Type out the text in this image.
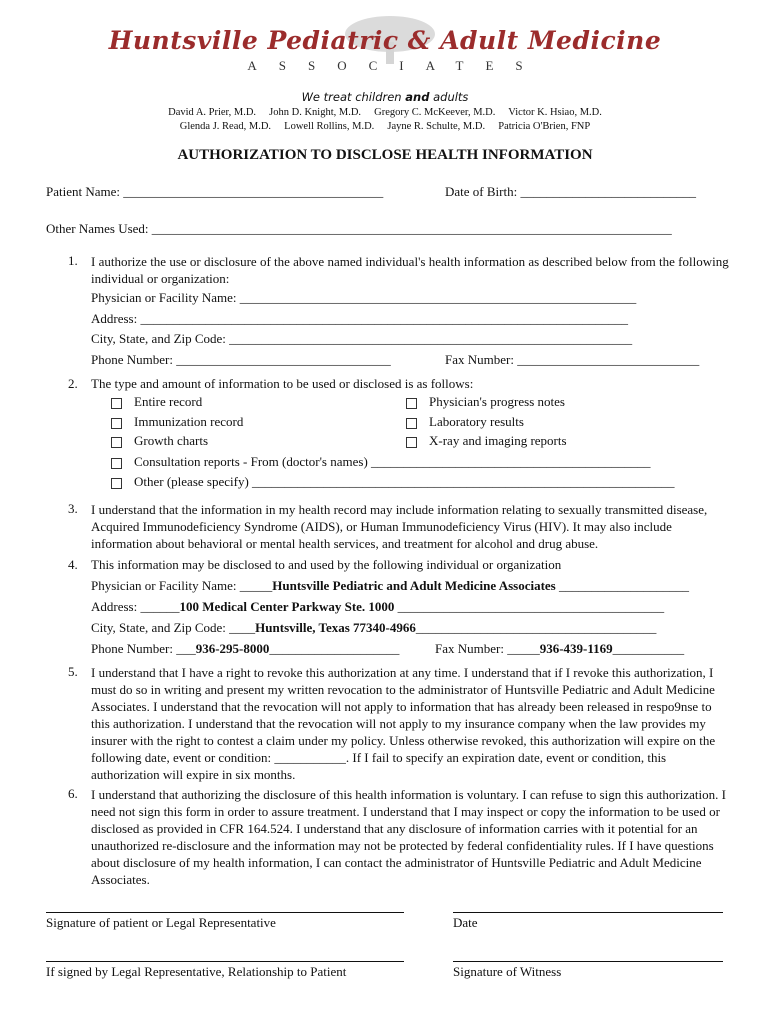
Huntsville Pediatric & Adult Medicine
ASSOCIATES
We treat children and adults
David A. Prier, M.D.     John D. Knight, M.D.     Gregory C. McKeever, M.D.     Victor K. Hsiao, M.D.
Glenda J. Read, M.D.     Lowell Rollins, M.D.     Jayne R. Schulte, M.D.     Patricia O'Brien, FNP
AUTHORIZATION TO DISCLOSE HEALTH INFORMATION
Patient Name: ________________________________________	Date of Birth: ___________________________
Other Names Used: ________________________________________________________________________________
1. I authorize the use or disclosure of the above named individual's health information as described below from the following individual or organization:
Physician or Facility Name: _____________________________________________________________
Address: ___________________________________________________________________________
City, State, and Zip Code: ______________________________________________________________
Phone Number: _________________________________	Fax Number: ____________________________
2. The type and amount of information to be used or disclosed is as follows:
Entire record
Immunization record
Growth charts
Physician's progress notes
Laboratory results
X-ray and imaging reports
Consultation reports - From (doctor's names) ___________________________________________
Other (please specify) _________________________________________________________________
3. I understand that the information in my health record may include information relating to sexually transmitted disease, Acquired Immunodeficiency Syndrome (AIDS), or Human Immunodeficiency Virus (HIV). It may also include information about behavioral or mental health services, and treatment for alcohol and drug abuse.
4. This information may be disclosed to and used by the following individual or organization
Physician or Facility Name: _____Huntsville Pediatric and Adult Medicine Associates ____________________
Address: ______100 Medical Center Parkway Ste. 1000 _________________________________________
City, State, and Zip Code: ____Huntsville, Texas 77340-4966_____________________________________
Phone Number: ___936-295-8000____________________	Fax Number: _____936-439-1169___________
5. I understand that I have a right to revoke this authorization at any time. I understand that if I revoke this authorization, I must do so in writing and present my written revocation to the administrator of Huntsville Pediatric and Adult Medicine Associates. I understand that the revocation will not apply to information that has already been released in respo9nse to this authorization. I understand that the revocation will not apply to my insurance company when the law provides my insurer with the right to contest a claim under my policy. Unless otherwise revoked, this authorization will expire on the following date, event or condition: ___________. If I fail to specify an expiration date, event or condition, this authorization will expire in six months.
6. I understand that authorizing the disclosure of this health information is voluntary. I can refuse to sign this authorization. I need not sign this form in order to assure treatment. I understand that I may inspect or copy the information to be used or disclosed as provided in CFR 164.524. I understand that any disclosure of information carries with it potential for an unauthorized re-disclosure and the information may not be protected by federal confidentiality rules. If I have questions about disclosure of my health information, I can contact the administrator of Huntsville Pediatric and Adult Medicine Associates.
Signature of patient or Legal Representative	Date
If signed by Legal Representative, Relationship to Patient	Signature of Witness
